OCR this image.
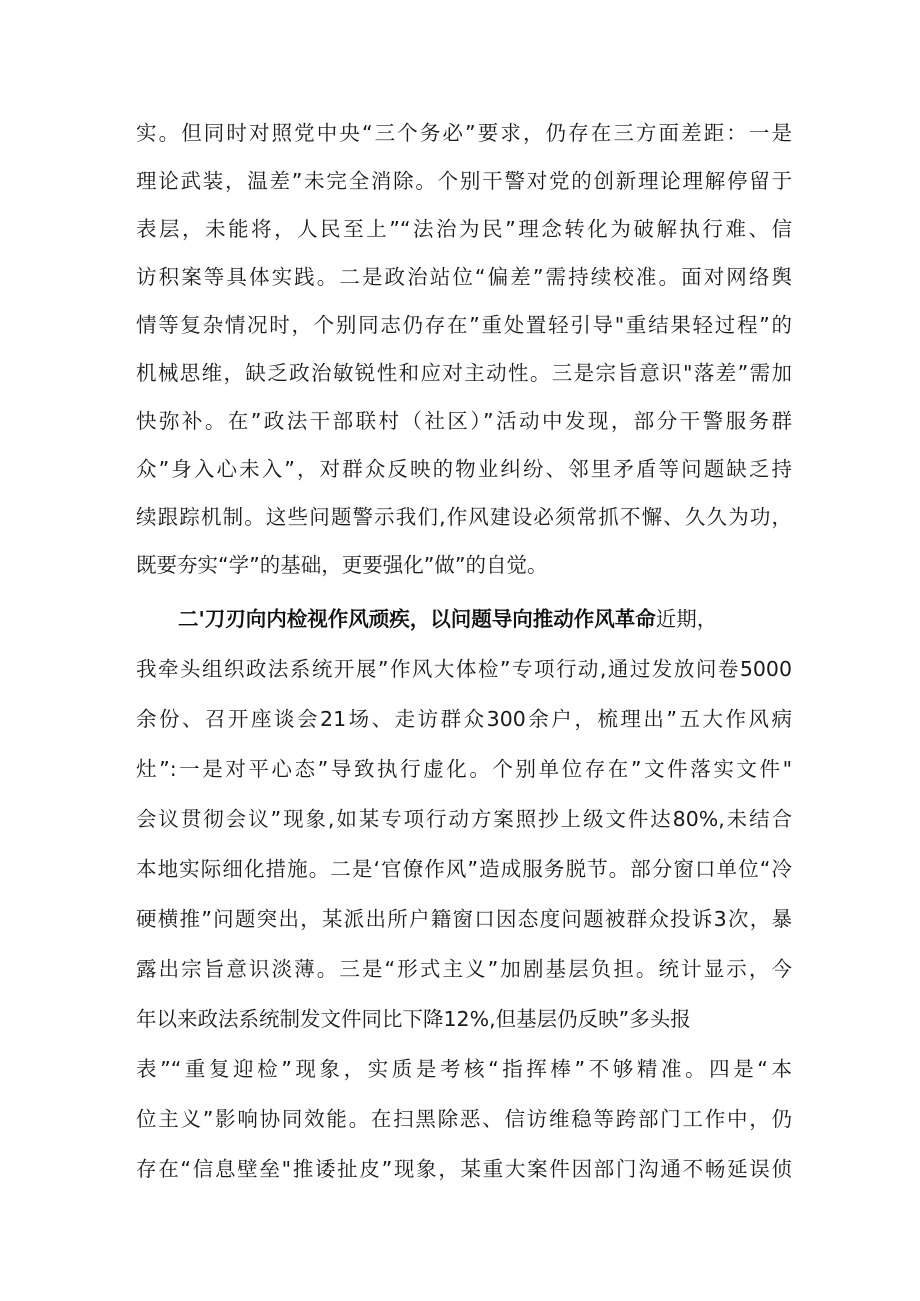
实。但同时对照党中央“三个务必”要求，仍存在三方面差距：一是
理论武装，温差”未完全消除。个别干警对党的创新理论理解停留于
表层，未能将，人民至上”“法治为民”理念转化为破解执行难、信
访积案等具体实践。二是政治站位“偏差”需持续校准。面对网络舆
情等复杂情况时，个别同志仍存在”重处置轻引导"重结果轻过程”的
机械思维，缺乏政治敏锐性和应对主动性。三是宗旨意识"落差”需加
快弥补。在”政法干部联村（社区）”活动中发现，部分干警服务群
众”身入心未入”，对群众反映的物业纠纷、邻里矛盾等问题缺乏持
续跟踪机制。这些问题警示我们,作风建设必须常抓不懈、久久为功，
既要夯实“学”的基础，更要强化”做”的自觉。
二'刀刃向内检视作风顽疾，以问题导向推动作风革命近期，
我牵头组织政法系统开展”作风大体检”专项行动,通过发放问卷5000
余份、召开座谈会21场、走访群众300余户，梳理出”五大作风病
灶”:一是对平心态”导致执行虚化。个别单位存在”文件落实文件"
会议贯彻会议”现象,如某专项行动方案照抄上级文件达80%,未结合
本地实际细化措施。二是‘官僚作风”造成服务脱节。部分窗口单位“冷
硬横推”问题突出，某派出所户籍窗口因态度问题被群众投诉3次，暴
露出宗旨意识淡薄。三是“形式主义”加剧基层负担。统计显示，今
年以来政法系统制发文件同比下降12%,但基层仍反映”多头报
表”“重复迎检”现象，实质是考核“指挥棒”不够精准。四是“本
位主义”影响协同效能。在扫黑除恶、信访维稳等跨部门工作中，仍
存在“信息壁垒"推诿扯皮”现象，某重大案件因部门沟通不畅延误侦
